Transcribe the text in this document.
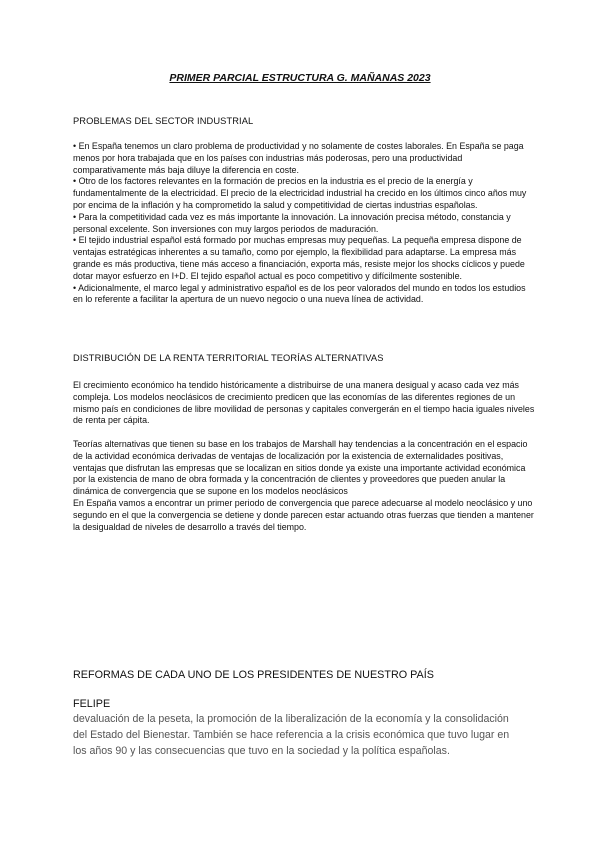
PRIMER PARCIAL ESTRUCTURA G. MAÑANAS 2023
PROBLEMAS DEL SECTOR INDUSTRIAL

• En España tenemos un claro problema de productividad y no solamente de costes laborales. En España se paga menos por hora trabajada que en los países con industrias más poderosas, pero una productividad comparativamente más baja diluye la diferencia en coste.

• Otro de los factores relevantes en la formación de precios en la industria es el precio de la energía y fundamentalmente de la electricidad. El precio de la electricidad industrial ha crecido en los últimos cinco años muy por encima de la inflación y ha comprometido la salud y competitividad de ciertas industrias españolas.

• Para la competitividad cada vez es más importante la innovación. La innovación precisa método, constancia y personal excelente. Son inversiones con muy largos periodos de maduración.

• El tejido industrial español está formado por muchas empresas muy pequeñas. La pequeña empresa dispone de ventajas estratégicas inherentes a su tamaño, como por ejemplo, la flexibilidad para adaptarse. La empresa más grande es más productiva, tiene más acceso a financiación, exporta más, resiste mejor los shocks cíclicos y puede dotar mayor esfuerzo en I+D. El tejido español actual es poco competitivo y difícilmente sostenible.

• Adicionalmente, el marco legal y administrativo español es de los peor valorados del mundo en todos los estudios en lo referente a facilitar la apertura de un nuevo negocio o una nueva línea de actividad.

DISTRIBUCIÓN DE LA RENTA TERRITORIAL TEORÍAS ALTERNATIVAS

El crecimiento económico ha tendido históricamente a distribuirse de una manera desigual y acaso cada vez más compleja. Los modelos neoclásicos de crecimiento predicen que las economías de las diferentes regiones de un mismo país en condiciones de libre movilidad de personas y capitales convergerán en el tiempo hacia iguales niveles de renta per cápita.

Teorías alternativas que tienen su base en los trabajos de Marshall hay tendencias a la concentración en el espacio de la actividad económica derivadas de ventajas de localización por la existencia de externalidades positivas, ventajas que disfrutan las empresas que se localizan en sitios donde ya existe una importante actividad económica por la existencia de mano de obra formada y la concentración de clientes y proveedores que pueden anular la dinámica de convergencia que se supone en los modelos neoclásicos

En España vamos a encontrar un primer periodo de convergencia que parece adecuarse al modelo neoclásico y uno segundo en el que la convergencia se detiene y donde parecen estar actuando otras fuerzas que tienden a mantener la desigualdad de niveles de desarrollo a través del tiempo.

REFORMAS DE CADA UNO DE LOS PRESIDENTES DE NUESTRO PAÍS
FELIPE

devaluación de la peseta, la promoción de la liberalización de la economía y la consolidación del Estado del Bienestar. También se hace referencia a la crisis económica que tuvo lugar en los años 90 y las consecuencias que tuvo en la sociedad y la política españolas.
